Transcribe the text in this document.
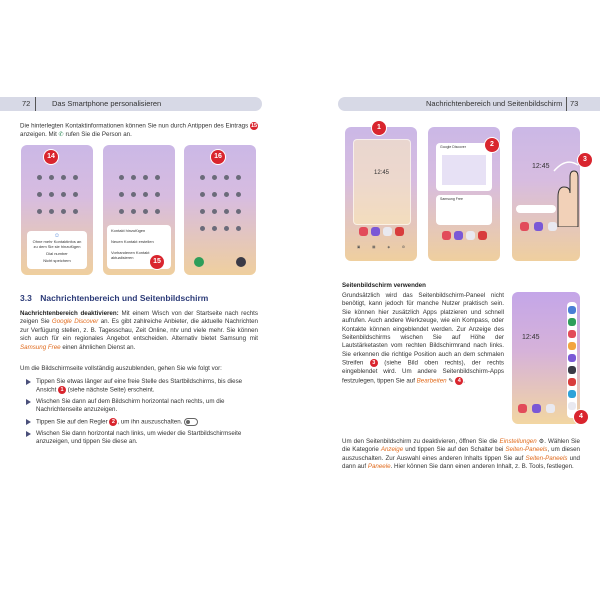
72	Das Smartphone personalisieren	Nachrichtenbereich und Seitenbildschirm 73
Die hinterlegten Kontaktinformationen können Sie nun durch Antippen des Eintrags 15 anzeigen. Mit ✆ rufen Sie die Person an.
☺
Ohne mehr Kontaktinfos an
zu dem Sie sie hinzufügen
Dial number
Nicht speichern
14
Kontakt hinzufügen
Neuen Kontakt erstellen
Vorhandenen Kontakt
aktualisieren
15
16
3.3 Nachrichtenbereich und Seitenbildschirm
Nachrichtenbereich deaktivieren: Mit einem Wisch von der Startseite nach rechts zeigen Sie Google Discover an. Es gibt zahlreiche Anbieter, die aktuelle Nachrichten zur Verfügung stellen, z. B. Tagesschau, Zeit Online, ntv und viele mehr. Sie können sich auch für ein regionales Angebot entscheiden. Alternativ bietet Samsung mit Samsung Free einen ähnlichen Dienst an.
Um die Bildschirmseite vollständig auszublenden, gehen Sie wie folgt vor:
Tippen Sie etwas länger auf eine freie Stelle des Startbildschirms, bis diese Ansicht 1 (siehe nächste Seite) erscheint.
Wischen Sie dann auf dem Bildschirm horizontal nach rechts, um die Nachrichtenseite anzuzeigen.
Tippen Sie auf den Regler 2 , um ihn auszuschalten.
Wischen Sie dann horizontal nach links, um wieder die Startbildschirmseite anzuzeigen, und tippen Sie diese an.
12:45
▣	▦	◈	⚙
1
Google Discover
Samsung Free
2
12:45
3
Seitenbildschirm verwenden
Grundsätzlich wird das Seitenbildschirm-Paneel nicht benötigt, kann jedoch für manche Nutzer praktisch sein. Sie können hier zusätzlich Apps platzieren und schnell aufrufen. Auch andere Werkzeuge, wie ein Kompass, oder Kontakte können eingeblendet werden. Zur Anzeige des Seitenbildschirms wischen Sie auf Höhe der Lautstärketasten vom rechten Bildschirmrand nach links. Sie erkennen die richtige Position auch an dem schmalen Streifen 3 (siehe Bild oben rechts), der rechts eingeblendet wird. Um andere Seitenbildschirm-Apps festzulegen, tippen Sie auf Bearbeiten ✎ 4 .
12:45
4
Um den Seitenbildschirm zu deaktivieren, öffnen Sie die Einstellungen ⚙. Wählen Sie die Kategorie Anzeige und tippen Sie auf den Schalter bei Seiten-Paneels, um diesen auszuschalten. Zur Auswahl eines anderen Inhalts tippen Sie auf Seiten-Paneels und dann auf Paneele. Hier können Sie dann einen anderen Inhalt, z. B. Tools, festlegen.
